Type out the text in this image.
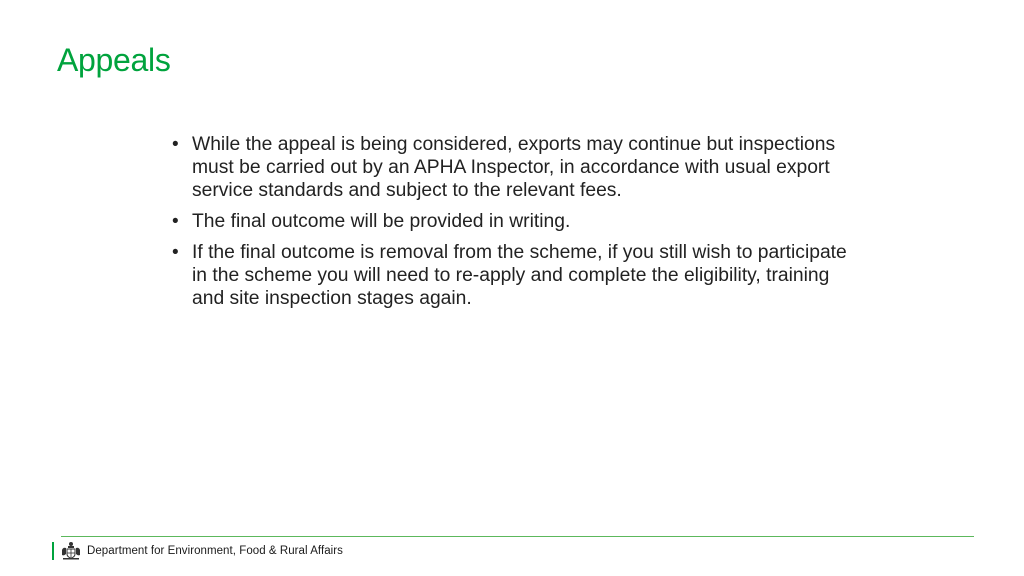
Appeals
• While the appeal is being considered, exports may continue but inspections must be carried out by an APHA Inspector, in accordance with usual export service standards and subject to the relevant fees.
• The final outcome will be provided in writing.
• If the final outcome is removal from the scheme, if you still wish to participate in the scheme you will need to re-apply and complete the eligibility, training and site inspection stages again.
Department for Environment, Food & Rural Affairs
